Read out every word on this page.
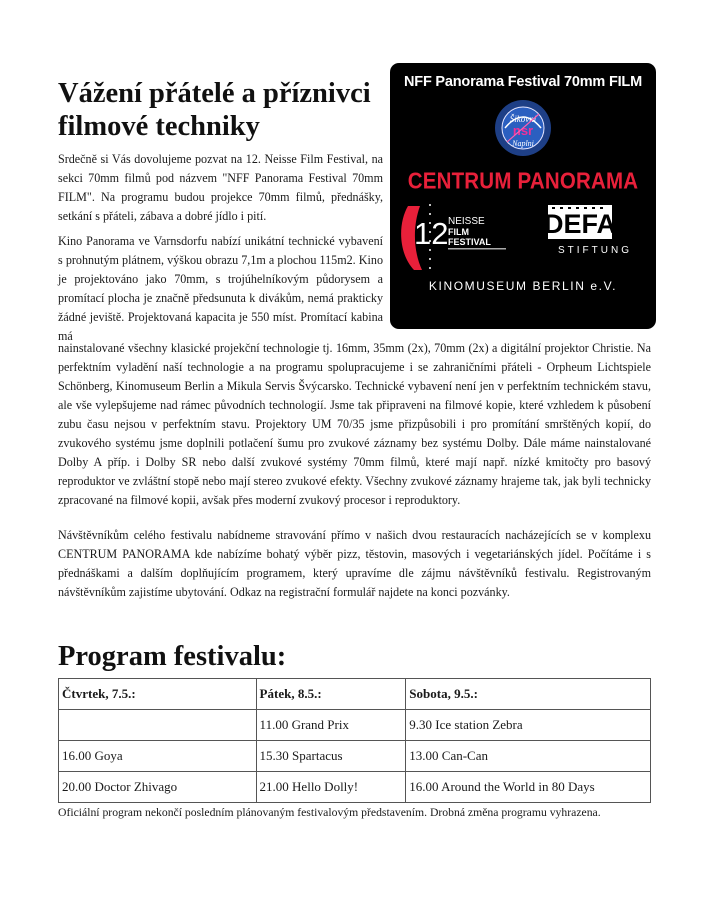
Vážení přátelé a příznivci filmové techniky
NFF Panorama Festival 70mm FILM
Šikovní
nsr
Naplni
CENTRUM PANORAMA
12 NEISSE
FILM
FESTIVAL
DEFA
STIFTUNG
KINOMUSEUM BERLIN e.V.

Srdečně si Vás dovolujeme pozvat na 12. Neisse Film Festival, na sekci 70mm filmů pod názvem "NFF Panorama Festival 70mm FILM". Na programu budou projekce 70mm filmů, přednášky, setkání s přáteli, zábava a dobré jídlo i pití.

Kino Panorama ve Varnsdorfu nabízí unikátní technické vybavení s prohnutým plátnem, výškou obrazu 7,1m a plochou 115m2. Kino je projektováno jako 70mm, s trojúhelníkovým půdorysem a promítací plocha je značně předsunuta k divákům, nemá prakticky žádné jeviště. Projektovaná kapacita je 550 míst. Promítací kabina má

nainstalované všechny klasické projekční technologie tj. 16mm, 35mm (2x), 70mm (2x) a digitální projektor Christie. Na perfektním vyladění naší technologie a na programu spolupracujeme i se zahraničními přáteli - Orpheum Lichtspiele Schönberg, Kinomuseum Berlin a Mikula Servis Švýcarsko. Technické vybavení není jen v perfektním technickém stavu, ale vše vylepšujeme nad rámec původních technologií. Jsme tak připraveni na filmové kopie, které vzhledem k působení zubu času nejsou v perfektním stavu. Projektory UM 70/35 jsme přizpůsobili i pro promítání smrštěných kopií, do zvukového systému jsme doplnili potlačení šumu pro zvukové záznamy bez systému Dolby. Dále máme nainstalované Dolby A příp. i Dolby SR nebo další zvukové systémy 70mm filmů, které mají např. nízké kmitočty pro basový reproduktor ve zvláštní stopě nebo mají stereo zvukové efekty. Všechny zvukové záznamy hrajeme tak, jak byli technicky zpracované na filmové kopii, avšak přes moderní zvukový procesor i reproduktory.

Návštěvníkům celého festivalu nabídneme stravování přímo v našich dvou restauracích nacházejících se v komplexu CENTRUM PANORAMA kde nabízíme bohatý výběr pizz, těstovin, masových i vegetariánských jídel. Počítáme i s přednáškami a dalším doplňujícím programem, který upravíme dle zájmu návštěvníků festivalu. Registrovaným návštěvníkům zajistíme ubytování. Odkaz na registrační formulář najdete na konci pozvánky.

Program festivalu:
Čtvrtek, 7.5.:	Pátek, 8.5.:	Sobota, 9.5.:
	11.00 Grand Prix	9.30 Ice station Zebra
16.00 Goya	15.30 Spartacus	13.00 Can-Can
20.00 Doctor Zhivago	21.00 Hello Dolly!	16.00 Around the World in 80 Days

Oficiální program nekončí posledním plánovaným festivalovým představením. Drobná změna programu vyhrazena.
